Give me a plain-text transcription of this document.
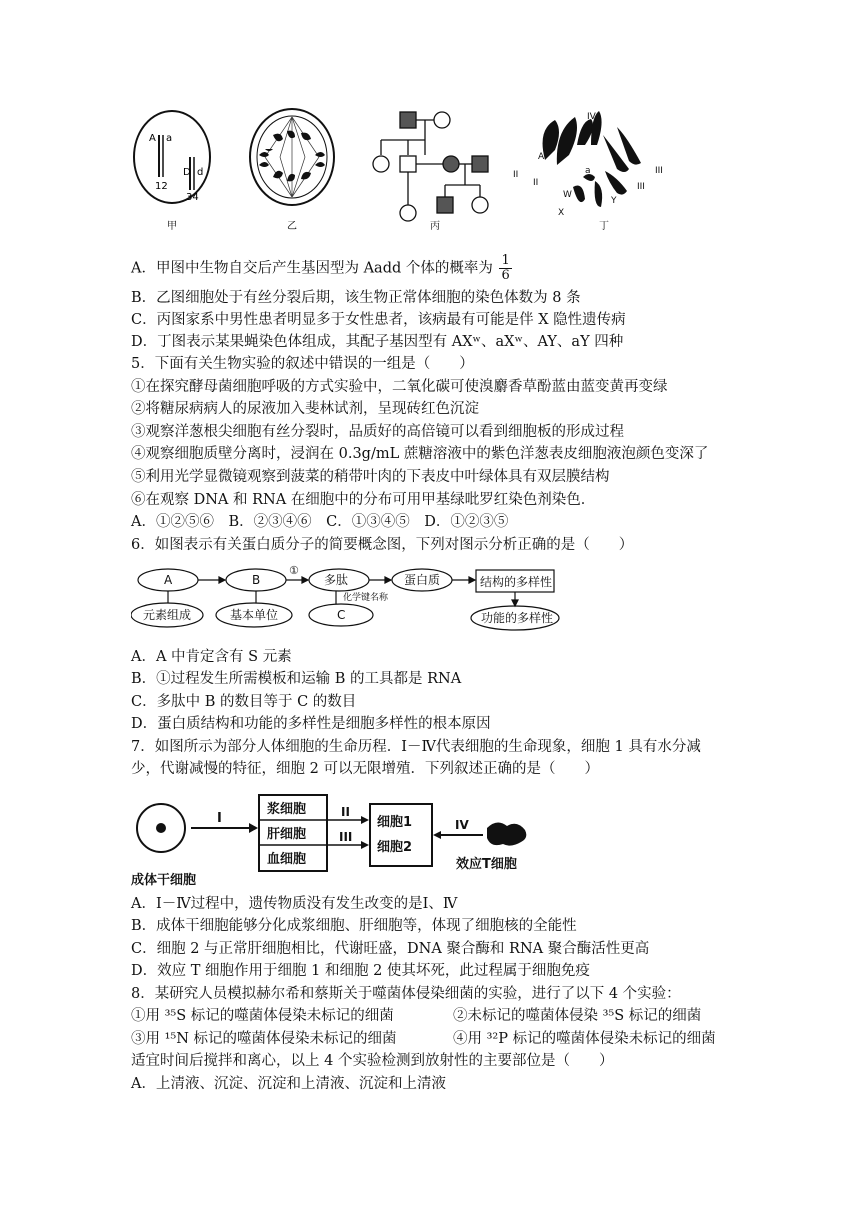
A a
12
D d
34
甲	乙	丙
IV
A
II
II
a
W
III
III
X
Y
丁
A．甲图中生物自交后产生基因型为 Aadd 个体的概率为 $\frac{1}{6}$
B．乙图细胞处于有丝分裂后期，该生物正常体细胞的染色体数为 8 条
C．丙图家系中男性患者明显多于女性患者，该病最有可能是伴 X 隐性遗传病
D．丁图表示某果蝇染色体组成，其配子基因型有 AXʷ、aXʷ、AY、aY 四种
5．下面有关生物实验的叙述中错误的一组是（　　）
①在探究酵母菌细胞呼吸的方式实验中，二氧化碳可使溴麝香草酚蓝由蓝变黄再变绿
②将糖尿病病人的尿液加入斐林试剂，呈现砖红色沉淀
③观察洋葱根尖细胞有丝分裂时，品质好的高倍镜可以看到细胞板的形成过程
④观察细胞质壁分离时，浸润在 0.3g/mL 蔗糖溶液中的紫色洋葱表皮细胞液泡颜色变深了
⑤利用光学显微镜观察到菠菜的稍带叶肉的下表皮中叶绿体具有双层膜结构
⑥在观察 DNA 和 RNA 在细胞中的分布可用甲基绿吡罗红染色剂染色．
A．①②⑤⑥　B．②③④⑥　C．①③④⑤　D．①②③⑤
6．如图表示有关蛋白质分子的简要概念图，下列对图示分析正确的是（　　）
A	B
①
多肽	蛋白质	结构的多样性
元素组成	基本单位	C
化学键名称
功能的多样性
A．A 中肯定含有 S 元素
B．①过程发生所需模板和运输 B 的工具都是 RNA
C．多肽中 B 的数目等于 C 的数目
D．蛋白质结构和功能的多样性是细胞多样性的根本原因
7．如图所示为部分人体细胞的生命历程．Ⅰ－Ⅳ代表细胞的生命现象，细胞 1 具有水分减
少，代谢减慢的特征，细胞 2 可以无限增殖．下列叙述正确的是（　　）
I	II
III
IV
浆细胞
肝细胞
血细胞
细胞1
细胞2
成体干细胞
效应T细胞
A．Ⅰ－Ⅳ过程中，遗传物质没有发生改变的是Ⅰ、Ⅳ
B．成体干细胞能够分化成浆细胞、肝细胞等，体现了细胞核的全能性
C．细胞 2 与正常肝细胞相比，代谢旺盛，DNA 聚合酶和 RNA 聚合酶活性更高
D．效应 T 细胞作用于细胞 1 和细胞 2 使其坏死，此过程属于细胞免疫
8．某研究人员模拟赫尔希和蔡斯关于噬菌体侵染细菌的实验，进行了以下 4 个实验：
①用 ³⁵S 标记的噬菌体侵染未标记的细菌	②未标记的噬菌体侵染 ³⁵S 标记的细菌
③用 ¹⁵N 标记的噬菌体侵染未标记的细菌	④用 ³²P 标记的噬菌体侵染未标记的细菌
适宜时间后搅拌和离心，以上 4 个实验检测到放射性的主要部位是（　　）
A．上清液、沉淀、沉淀和上清液、沉淀和上清液
